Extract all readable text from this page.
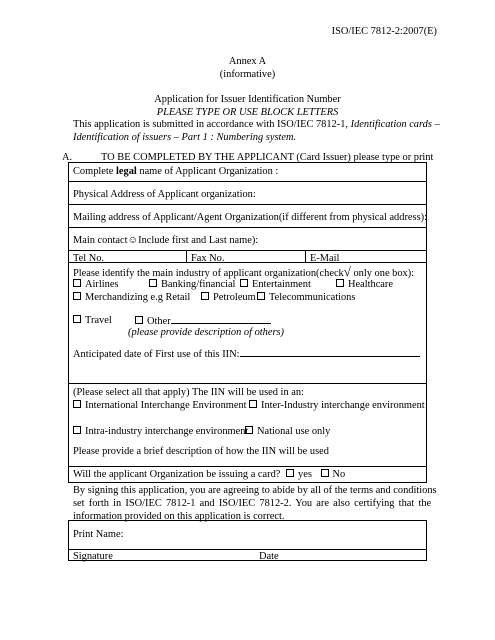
ISO/IEC 7812-2:2007(E)
Annex A
(informative)
Application for Issuer Identification Number
PLEASE TYPE OR USE BLOCK LETTERS
This application is submitted in accordance with ISO/IEC 7812-1, Identification cards –
Identification of issuers – Part 1 : Numbering system.
A.	TO BE COMPLETED BY THE APPLICANT (Card Issuer) please type or print
Complete legal name of Applicant Organization :
Physical Address of Applicant organization:
Mailing address of Applicant/Agent Organization(if different from physical address):
Main contact☺Include first and Last name):
Tel No.	Fax No.	E-Mail
Please identify the main industry of applicant organization(check√ only one box):
Airlines	Banking/financial	Entertainment	Healthcare
Merchandizing e.g Retail	Petroleum	Telecommunications
Travel	Other
(please provide description of others)
Anticipated date of First use of this IIN:
(Please select all that apply) The IIN will be used in an:
International Interchange Environment	Inter-Industry interchange environment
Intra-industry interchange environment National use only
Please provide a brief description of how the IIN will be used
Will the applicant Organization be issuing a card? yes No
By signing this application, you are agreeing to abide by all of the terms and conditions
set forth in ISO/IEC 7812-1 and ISO/IEC 7812-2. You are also certifying that the
information provided on this application is correct.
Print Name:
Signature	Date
